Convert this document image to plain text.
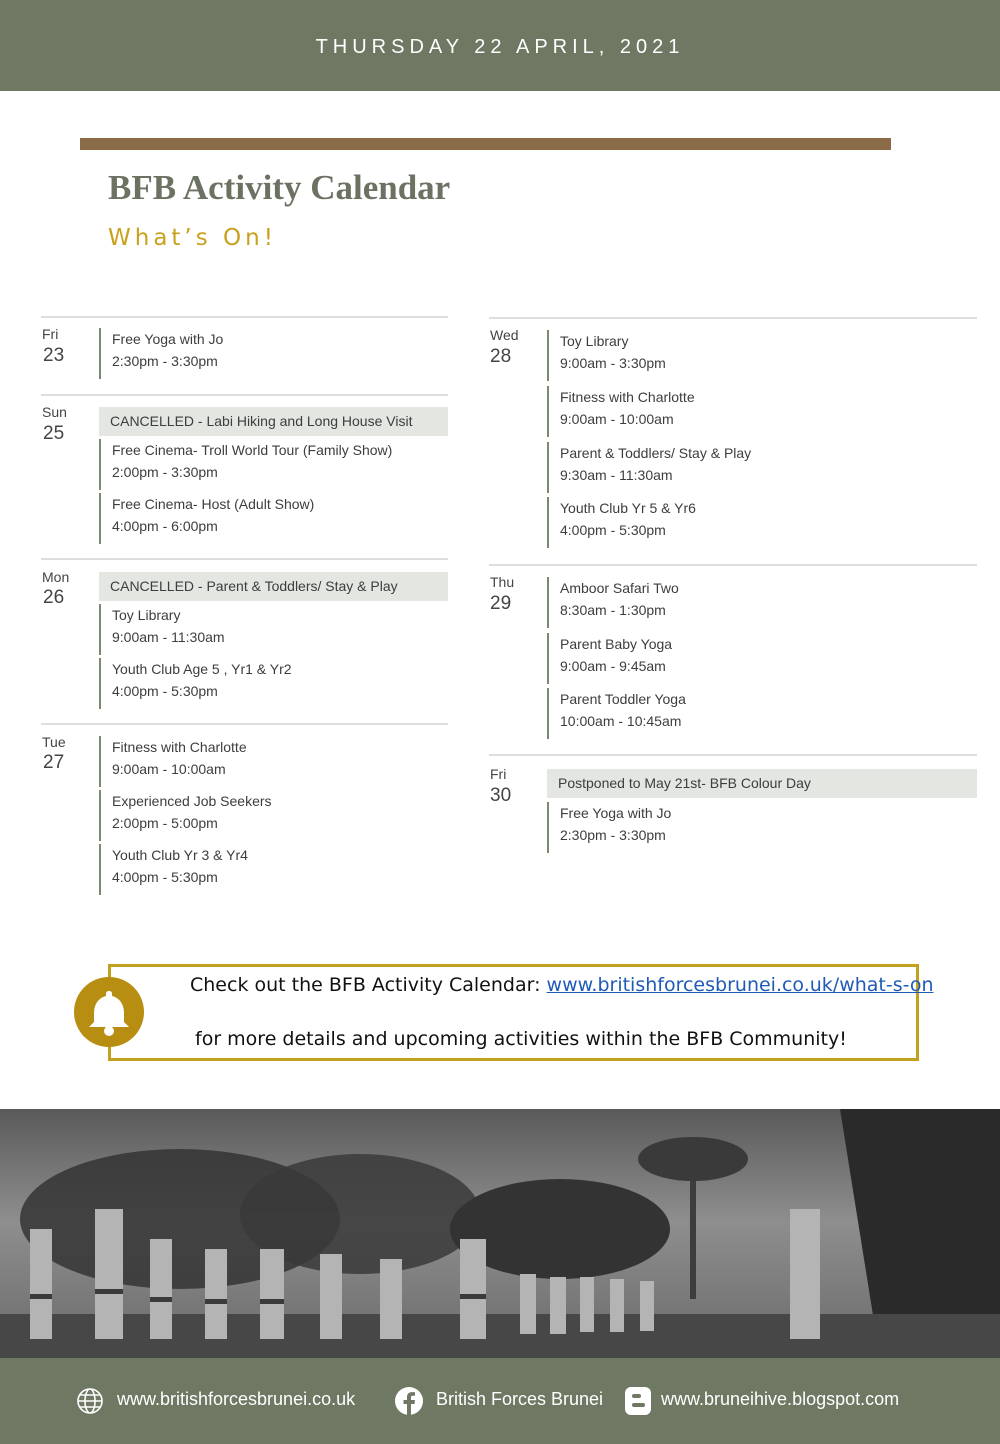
THURSDAY 22 APRIL, 2021
BFB Activity Calendar
What’s On!
Fri
23
Free Yoga with Jo
2:30pm - 3:30pm
Sun
25
CANCELLED - Labi Hiking and Long House Visit
Free Cinema- Troll World Tour (Family Show)
2:00pm - 3:30pm
Free Cinema- Host (Adult Show)
4:00pm - 6:00pm
Mon
26
CANCELLED - Parent & Toddlers/ Stay & Play
Toy Library
9:00am - 11:30am
Youth Club Age 5 , Yr1 & Yr2
4:00pm - 5:30pm
Tue
27
Fitness with Charlotte
9:00am - 10:00am
Experienced Job Seekers
2:00pm - 5:00pm
Youth Club Yr 3 & Yr4
4:00pm - 5:30pm
Wed
28
Toy Library
9:00am - 3:30pm
Fitness with Charlotte
9:00am - 10:00am
Parent & Toddlers/ Stay & Play
9:30am - 11:30am
Youth Club Yr 5 & Yr6
4:00pm - 5:30pm
Thu
29
Amboor Safari Two
8:30am - 1:30pm
Parent Baby Yoga
9:00am - 9:45am
Parent Toddler Yoga
10:00am - 10:45am
Fri
30
Postponed to May 21st- BFB Colour Day
Free Yoga with Jo
2:30pm - 3:30pm
Check out the BFB Activity Calendar: www.britishforcesbrunei.co.uk/what-s-on
for more details and upcoming activities within the BFB Community!
www.britishforcesbrunei.co.uk	British Forces Brunei	www.bruneihive.blogspot.com
